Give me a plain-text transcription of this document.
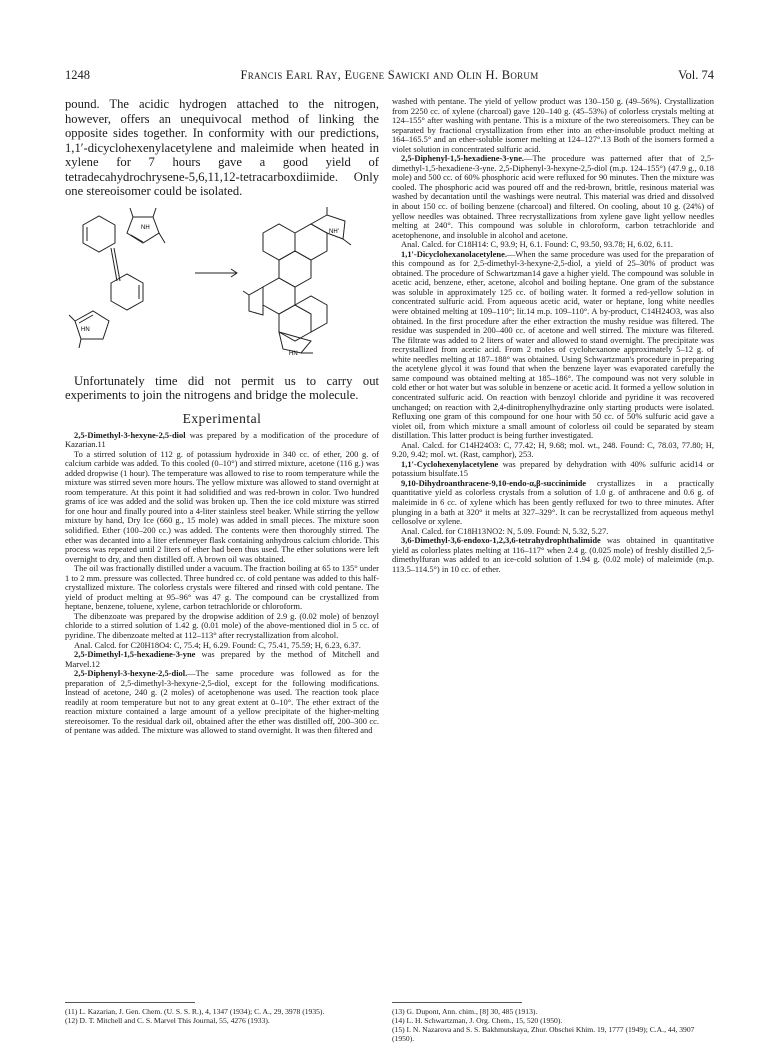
1248	Francis Earl Ray, Eugene Sawicki and Olin H. Borum	Vol. 74

pound. The acidic hydrogen attached to the nitrogen, however, offers an unequivocal method of linking the opposite sides together. In conformity with our predictions, 1,1′-dicyclohexenylacetylene and maleimide when heated in xylene for 7 hours gave a good yield of tetradecahydrochrysene-5,6,11,12-tetracarboxdiimide. Only one stereoisomer could be isolated.

NH
NH'
HN
HN

Unfortunately time did not permit us to carry out experiments to join the nitrogens and bridge the molecule.

Experimental

2,5-Dimethyl-3-hexyne-2,5-diol was prepared by a modification of the procedure of Kazarian.11

To a stirred solution of 112 g. of potassium hydroxide in 340 cc. of ether, 200 g. of calcium carbide was added. To this cooled (0–10°) and stirred mixture, acetone (116 g.) was added dropwise (1 hour). The temperature was allowed to rise to room temperature while the mixture was stirred seven more hours. The yellow mixture was allowed to stand overnight at room temperature. At this point it had solidified and was red-brown in color. Two hundred grams of ice was added and the solid was broken up. Then the ice cold mixture was stirred for one hour and finally poured into a 4-liter stainless steel beaker. While stirring the yellow mixture by hand, Dry Ice (660 g., 15 mole) was added in small pieces. The mixture soon solidified. Ether (100–200 cc.) was added. The contents were then thoroughly stirred. The ether was decanted into a liter erlenmeyer flask containing anhydrous calcium chloride. This process was repeated until 2 liters of ether had been thus used. The ether solutions were left overnight to dry, and then distilled off. A brown oil was obtained.

The oil was fractionally distilled under a vacuum. The fraction boiling at 65 to 135° under 1 to 2 mm. pressure was collected. Three hundred cc. of cold pentane was added to this half-crystallized mixture. The colorless crystals were filtered and rinsed with cold pentane. The yield of product melting at 95–96° was 47 g. The compound can be crystallized from heptane, benzene, toluene, xylene, carbon tetrachloride or chloroform.

The dibenzoate was prepared by the dropwise addition of 2.9 g. (0.02 mole) of benzoyl chloride to a stirred solution of 1.42 g. (0.01 mole) of the above-mentioned diol in 5 cc. of pyridine. The dibenzoate melted at 112–113° after recrystallization from alcohol.

Anal. Calcd. for C20H18O4: C, 75.4; H, 6.29. Found: C, 75.41, 75.59; H, 6.23, 6.37.

2,5-Dimethyl-1,5-hexadiene-3-yne was prepared by the method of Mitchell and Marvel.12

2,5-Diphenyl-3-hexyne-2,5-diol.—The same procedure was followed as for the preparation of 2,5-dimethyl-3-hexyne-2,5-diol, except for the following modifications. Instead of acetone, 240 g. (2 moles) of acetophenone was used. The reaction took place readily at room temperature but not to any great extent at 0–10°. The ether extract of the reaction mixture contained a large amount of a yellow precipitate of the higher-melting stereoisomer. To the residual dark oil, obtained after the ether was distilled off, 200–300 cc. of pentane was added. The mixture was allowed to stand overnight. It was then filtered and

washed with pentane. The yield of yellow product was 130–150 g. (49–56%). Crystallization from 2250 cc. of xylene (charcoal) gave 120–140 g. (45–53%) of colorless crystals melting at 124–155° after washing with pentane. This is a mixture of the two stereoisomers. They can be separated by fractional crystallization from ether into an ether-insoluble product melting at 164–165.5° and an ether-soluble isomer melting at 124–127°.13 Both of the isomers formed a violet solution in concentrated sulfuric acid.

2,5-Diphenyl-1,5-hexadiene-3-yne.—The procedure was patterned after that of 2,5-dimethyl-1,5-hexadiene-3-yne. 2,5-Diphenyl-3-hexyne-2,5-diol (m.p. 124–155°) (47.9 g., 0.18 mole) and 500 cc. of 60% phosphoric acid were refluxed for 90 minutes. Then the mixture was cooled. The phosphoric acid was poured off and the red-brown, brittle, resinous material was washed by decantation until the washings were neutral. This material was dried and dissolved in about 150 cc. of boiling benzene (charcoal) and filtered. On cooling, about 10 g. (24%) of yellow needles was obtained. Three recrystallizations from xylene gave light yellow needles melting at 240°. This compound was soluble in chloroform, carbon tetrachloride and acetophenone, and insoluble in alcohol and acetone.

Anal. Calcd. for C18H14: C, 93.9; H, 6.1. Found: C, 93.50, 93.78; H, 6.02, 6.11.

1,1′-Dicyclohexanolacetylene.—When the same procedure was used for the preparation of this compound as for 2,5-dimethyl-3-hexyne-2,5-diol, a yield of 25–30% of product was obtained. The procedure of Schwartzman14 gave a higher yield. The compound was soluble in acetic acid, benzene, ether, acetone, alcohol and boiling heptane. One gram of the substance was soluble in approximately 125 cc. of boiling water. It formed a red-yellow solution in concentrated sulfuric acid. From aqueous acetic acid, water or heptane, long white needles were obtained melting at 109–110°; lit.14 m.p. 109–110°. A by-product, C14H24O3, was also obtained. In the first procedure after the ether extraction the mushy residue was filtered. The residue was suspended in 200–400 cc. of acetone and well stirred. The mixture was filtered. The filtrate was added to 2 liters of water and allowed to stand overnight. The precipitate was recrystallized from acetic acid. From 2 moles of cyclohexanone approximately 5–12 g. of white needles melting at 187–188° was obtained. Using Schwartzman's procedure in preparing the acetylene glycol it was found that when the benzene layer was evaporated carefully the same compound was obtained melting at 185–186°. The compound was not very soluble in cold ether or hot water but was soluble in benzene or acetic acid. It formed a yellow solution in concentrated sulfuric acid. On reaction with benzoyl chloride and pyridine it was recovered unchanged; on reaction with 2,4-dinitrophenylhydrazine only starting products were isolated. Refluxing one gram of this compound for one hour with 50 cc. of 50% sulfuric acid gave a violet oil, from which mixture a small amount of colorless oil could be separated by steam distillation. This latter product is being further investigated.

Anal. Calcd. for C14H24O3: C, 77.42; H, 9.68; mol. wt., 248. Found: C, 78.03, 77.80; H, 9.20, 9.42; mol. wt. (Rast, camphor), 253.

1,1′-Cyclohexenylacetylene was prepared by dehydration with 40% sulfuric acid14 or potassium bisulfate.15

9,10-Dihydroanthracene-9,10-endo-α,β-succinimide crystallizes in a practically quantitative yield as colorless crystals from a solution of 1.0 g. of anthracene and 0.6 g. of maleimide in 6 cc. of xylene which has been gently refluxed for two to three minutes. After plunging in a bath at 320° it melts at 327–329°. It can be recrystallized from aqueous methyl cellosolve or xylene.

Anal. Calcd. for C18H13NO2: N, 5.09. Found: N, 5.32, 5.27.

3,6-Dimethyl-3,6-endoxo-1,2,3,6-tetrahydrophthalimide was obtained in quantitative yield as colorless plates melting at 116–117° when 2.4 g. (0.025 mole) of freshly distilled 2,5-dimethylfuran was added to an ice-cold solution of 1.94 g. (0.02 mole) of maleimide (m.p. 113.5–114.5°) in 10 cc. of ether.

(11) L. Kazarian, J. Gen. Chem. (U. S. S. R.), 4, 1347 (1934); C. A., 29, 3978 (1935).
(12) D. T. Mitchell and C. S. Marvel This Journal, 55, 4276 (1933).
(13) G. Dupont, Ann. chim., [8] 30, 485 (1913).
(14) L. H. Schwartzman, J. Org. Chem., 15, 520 (1950).
(15) I. N. Nazarova and S. S. Bakhmutskaya, Zhur. Obschei Khim. 19, 1777 (1949); C.A., 44, 3907 (1950).
